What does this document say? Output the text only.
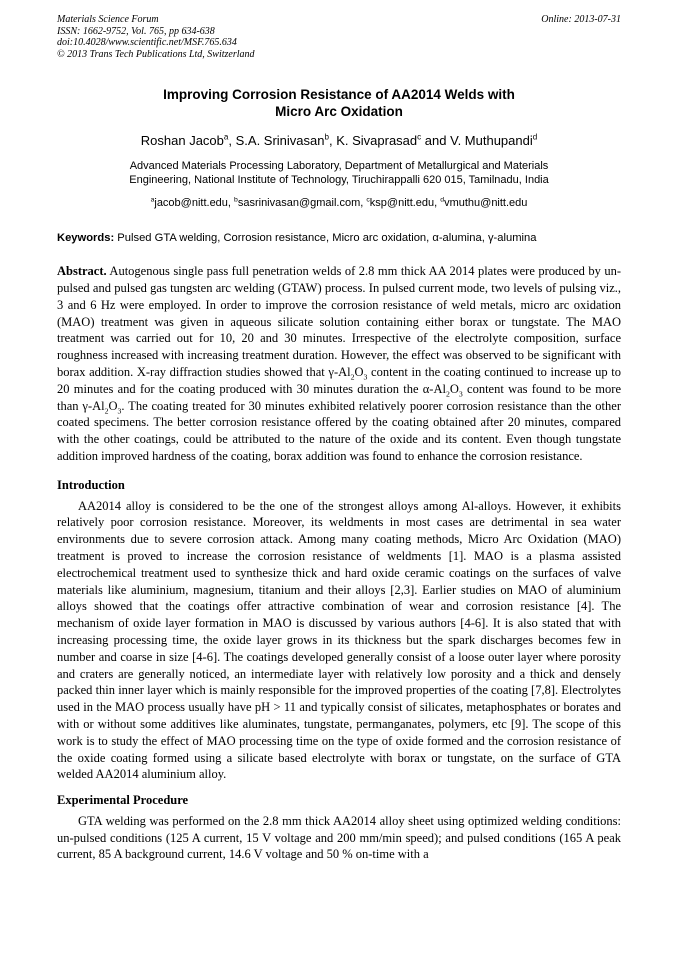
Materials Science Forum
ISSN: 1662-9752, Vol. 765, pp 634-638
doi:10.4028/www.scientific.net/MSF.765.634
© 2013 Trans Tech Publications Ltd, Switzerland
Online: 2013-07-31
Improving Corrosion Resistance of AA2014 Welds with
Micro Arc Oxidation
Roshan Jacob$^a$, S.A. Srinivasan$^b$, K. Sivaprasad$^c$ and V. Muthupandi$^d$
Advanced Materials Processing Laboratory, Department of Metallurgical and Materials
Engineering, National Institute of Technology, Tiruchirappalli 620 015, Tamilnadu, India
$^a$jacob@nitt.edu, $^b$sasrinivasan@gmail.com, $^c$ksp@nitt.edu, $^d$vmuthu@nitt.edu
Keywords: Pulsed GTA welding, Corrosion resistance, Micro arc oxidation, α-alumina, γ-alumina

Abstract. Autogenous single pass full penetration welds of 2.8 mm thick AA 2014 plates were produced by un-pulsed and pulsed gas tungsten arc welding (GTAW) process. In pulsed current mode, two levels of pulsing viz., 3 and 6 Hz were employed. In order to improve the corrosion resistance of weld metals, micro arc oxidation (MAO) treatment was given in aqueous silicate solution containing either borax or tungstate. The MAO treatment was carried out for 10, 20 and 30 minutes. Irrespective of the electrolyte composition, surface roughness increased with increasing treatment duration. However, the effect was observed to be significant with borax addition. X-ray diffraction studies showed that $\gamma-Al_2O_3$ content in the coating continued to increase up to 20 minutes and for the coating produced with 30 minutes duration the $\alpha-Al_2O_3$ content was found to be more than $\gamma-Al_2O_3$. The coating treated for 30 minutes exhibited relatively poorer corrosion resistance than the other coated specimens. The better corrosion resistance offered by the coating obtained after 20 minutes, compared with the other coatings, could be attributed to the nature of the oxide and its content. Even though tungstate addition improved hardness of the coating, borax addition was found to enhance the corrosion resistance.

Introduction

AA2014 alloy is considered to be the one of the strongest alloys among Al-alloys. However, it exhibits relatively poor corrosion resistance. Moreover, its weldments in most cases are detrimental in sea water environments due to severe corrosion attack. Among many coating methods, Micro Arc Oxidation (MAO) treatment is proved to increase the corrosion resistance of weldments [1]. MAO is a plasma assisted electrochemical treatment used to synthesize thick and hard oxide ceramic coatings on the surfaces of valve materials like aluminium, magnesium, titanium and their alloys [2,3]. Earlier studies on MAO of aluminium alloys showed that the coatings offer attractive combination of wear and corrosion resistance [4]. The mechanism of oxide layer formation in MAO is discussed by various authors [4-6]. It is also stated that with increasing processing time, the oxide layer grows in its thickness but the spark discharges becomes few in number and coarse in size [4-6]. The coatings developed generally consist of a loose outer layer where porosity and craters are generally noticed, an intermediate layer with relatively low porosity and a thick and densely packed thin inner layer which is mainly responsible for the improved properties of the coating [7,8]. Electrolytes used in the MAO process usually have pH > 11 and typically consist of silicates, metaphosphates or borates and with or without some additives like aluminates, tungstate, permanganates, polymers, etc [9]. The scope of this work is to study the effect of MAO processing time on the type of oxide formed and the corrosion resistance of the oxide coating formed using a silicate based electrolyte with borax or tungstate, on the surface of GTA welded AA2014 aluminium alloy.

Experimental Procedure

GTA welding was performed on the 2.8 mm thick AA2014 alloy sheet using optimized welding conditions: un-pulsed conditions (125 A current, 15 V voltage and 200 mm/min speed); and pulsed conditions (165 A peak current, 85 A background current, 14.6 V voltage and 50 % on-time with a
